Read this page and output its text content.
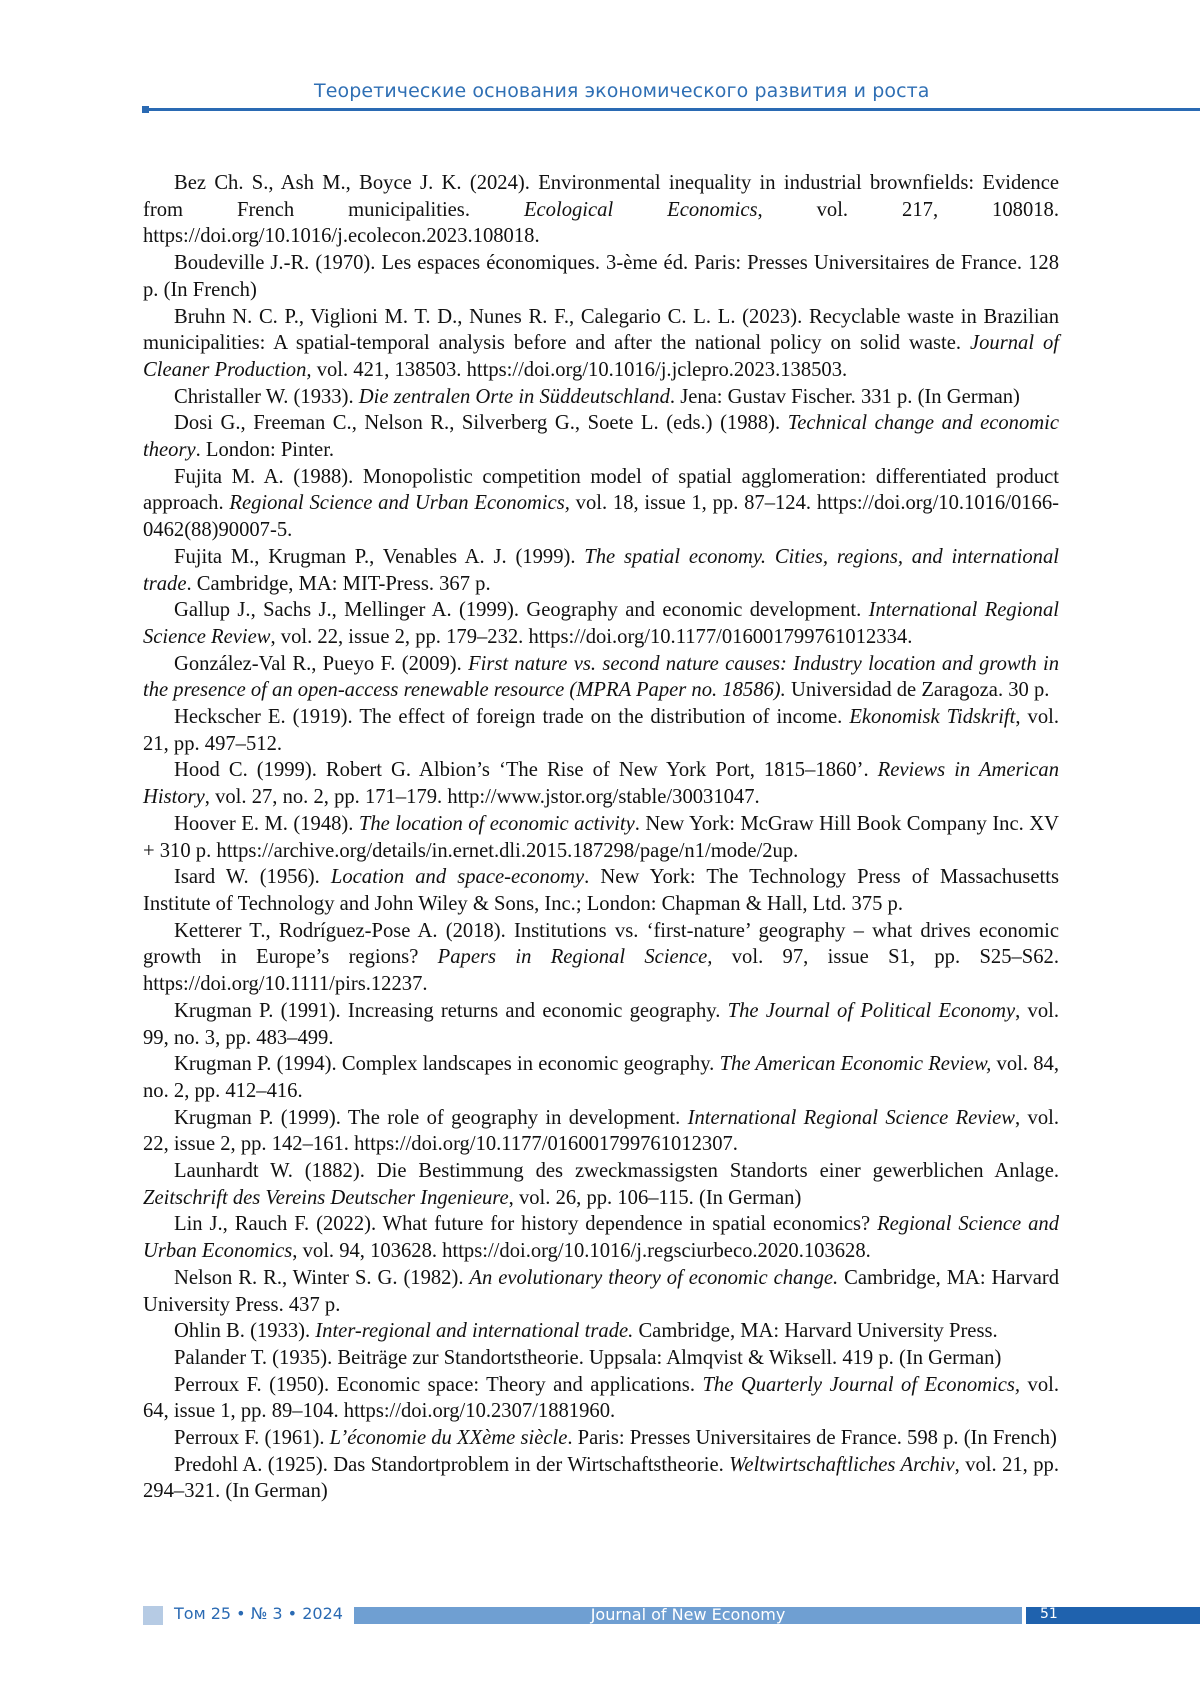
Теоретические основания экономического развития и роста

Bez Ch. S., Ash M., Boyce J. K. (2024). Environmental inequality in industrial brownfields: Evidence from French municipalities. Ecological Economics, vol. 217, 108018. https://doi.org/10.1016/j.ecolecon.2023.108018.

Boudeville J.-R. (1970). Les espaces économiques. 3-ème éd. Paris: Presses Universitaires de France. 128 p. (In French)

Bruhn N. C. P., Viglioni M. T. D., Nunes R. F., Calegario C. L. L. (2023). Recyclable waste in Brazilian municipalities: A spatial-temporal analysis before and after the national policy on solid waste. Journal of Cleaner Production, vol. 421, 138503. https://doi.org/10.1016/j.jclepro.2023.138503.

Christaller W. (1933). Die zentralen Orte in Süddeutschland. Jena: Gustav Fischer. 331 p. (In German)

Dosi G., Freeman C., Nelson R., Silverberg G., Soete L. (eds.) (1988). Technical change and economic theory. London: Pinter.

Fujita M. A. (1988). Monopolistic competition model of spatial agglomeration: differentiated product approach. Regional Science and Urban Economics, vol. 18, issue 1, pp. 87–124. https://doi.org/10.1016/0166-0462(88)90007-5.

Fujita M., Krugman P., Venables A. J. (1999). The spatial economy. Cities, regions, and international trade. Cambridge, MA: MIT-Press. 367 p.

Gallup J., Sachs J., Mellinger A. (1999). Geography and economic development. International Regional Science Review, vol. 22, issue 2, pp. 179–232. https://doi.org/10.1177/016001799761012334.

González-Val R., Pueyo F. (2009). First nature vs. second nature causes: Industry location and growth in the presence of an open-access renewable resource (MPRA Paper no. 18586). Universidad de Zaragoza. 30 p.

Heckscher E. (1919). The effect of foreign trade on the distribution of income. Ekonomisk Tidskrift, vol. 21, pp. 497–512.

Hood C. (1999). Robert G. Albion’s ‘The Rise of New York Port, 1815–1860’. Reviews in American History, vol. 27, no. 2, pp. 171–179. http://www.jstor.org/stable/30031047.

Hoover E. M. (1948). The location of economic activity. New York: McGraw Hill Book Company Inc. XV + 310 p. https://archive.org/details/in.ernet.dli.2015.187298/page/n1/mode/2up.

Isard W. (1956). Location and space-economy. New York: The Technology Press of Massachusetts Institute of Technology and John Wiley & Sons, Inc.; London: Chapman & Hall, Ltd. 375 p.

Ketterer T., Rodríguez-Pose A. (2018). Institutions vs. ‘first-nature’ geography – what drives economic growth in Europe’s regions? Papers in Regional Science, vol. 97, issue S1, pp. S25–S62. https://doi.org/10.1111/pirs.12237.

Krugman P. (1991). Increasing returns and economic geography. The Journal of Political Economy, vol. 99, no. 3, pp. 483–499.

Krugman P. (1994). Complex landscapes in economic geography. The American Economic Review, vol. 84, no. 2, pp. 412–416.

Krugman P. (1999). The role of geography in development. International Regional Science Review, vol. 22, issue 2, pp. 142–161. https://doi.org/10.1177/016001799761012307.

Launhardt W. (1882). Die Bestimmung des zweckmassigsten Standorts einer gewerblichen Anlage. Zeitschrift des Vereins Deutscher Ingenieure, vol. 26, pp. 106–115. (In German)

Lin J., Rauch F. (2022). What future for history dependence in spatial economics? Regional Science and Urban Economics, vol. 94, 103628. https://doi.org/10.1016/j.regsciurbeco.2020.103628.

Nelson R. R., Winter S. G. (1982). An evolutionary theory of economic change. Cambridge, MA: Harvard University Press. 437 p.

Ohlin B. (1933). Inter-regional and international trade. Cambridge, MA: Harvard University Press.

Palander T. (1935). Beiträge zur Standortstheorie. Uppsala: Almqvist & Wiksell. 419 p. (In German)

Perroux F. (1950). Economic space: Theory and applications. The Quarterly Journal of Economics, vol. 64, issue 1, pp. 89–104. https://doi.org/10.2307/1881960.

Perroux F. (1961). L’économie du XXème siècle. Paris: Presses Universitaires de France. 598 p. (In French)

Predohl A. (1925). Das Standortproblem in der Wirtschaftstheorie. Weltwirtschaftliches Archiv, vol. 21, pp. 294–321. (In German)

Том 25 • № 3 • 2024	Journal of New Economy	51
